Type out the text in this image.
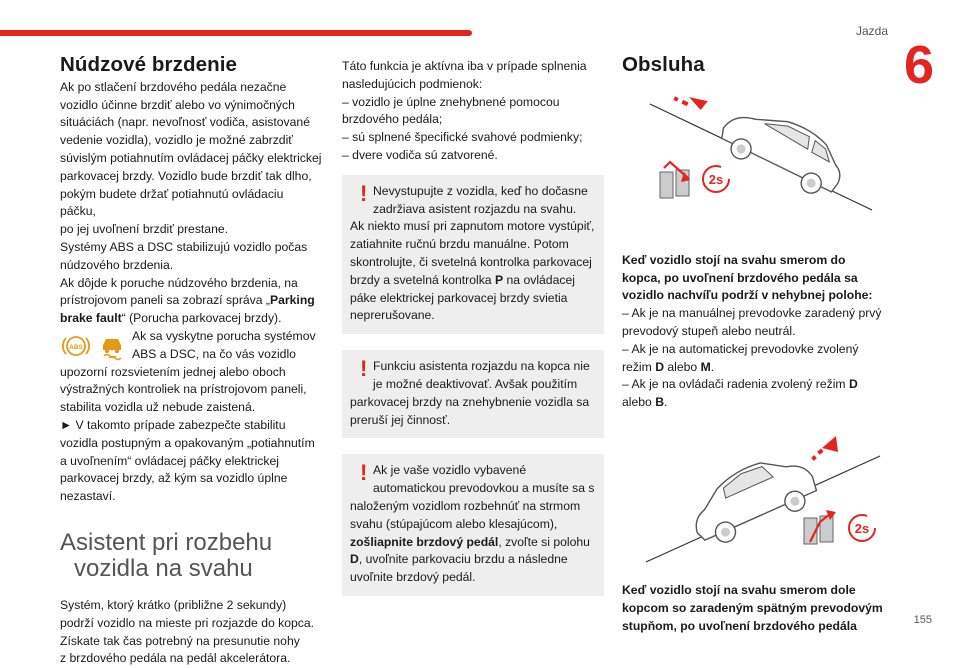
Jazda
6
155
Núdzové brzdenie

Ak po stlačení brzdového pedála nezačne
vozidlo účinne brzdiť alebo vo výnimočných
situáciách (napr. nevoľnosť vodiča, asistované
vedenie vozidla), vozidlo je možné zabrzdiť
súvislým potiahnutím ovládacej páčky elektrickej
parkovacej brzdy. Vozidlo bude brzdiť tak dlho,
pokým budete držať potiahnutú ovládaciu páčku,
po jej uvoľnení brzdiť prestane.
Systémy ABS a DSC stabilizujú vozidlo počas
núdzového brzdenia.
Ak dôjde k poruche núdzového brzdenia, na
prístrojovom paneli sa zobrazí správa „Parking brake fault“ (Porucha parkovacej brzdy).

ABS
Ak sa vyskytne porucha systémov
ABS a DSC, na čo vás vozidlo

upozorní rozsvietením jednej alebo oboch
výstražných kontroliek na prístrojovom paneli,
stabilita vozidla už nebude zaistená.

► V takomto prípade zabezpečte stabilitu
vozidla postupným a opakovaným „potiahnutím
a uvoľnením“ ovládacej páčky elektrickej
parkovacej brzdy, až kým sa vozidlo úplne
nezastaví.

Asistent pri rozbehu
vozidla na svahu

Systém, ktorý krátko (približne 2 sekundy)
podrží vozidlo na mieste pri rozjazde do kopca.
Získate tak čas potrebný na presunutie nohy
z brzdového pedála na pedál akcelerátora.

Táto funkcia je aktívna iba v prípade splnenia
nasledujúcich podmienok:
– vozidlo je úplne znehybnené pomocou
brzdového pedála;
– sú splnené špecifické svahové podmienky;
– dvere vodiča sú zatvorené.

! Nevystupujte z vozidla, keď ho dočasne
zadržiava asistent rozjazdu na svahu.
Ak niekto musí pri zapnutom motore vystúpiť,
zatiahnite ručnú brzdu manuálne. Potom
skontrolujte, či svetelná kontrolka parkovacej
brzdy a svetelná kontrolka P na ovládacej
páke elektrickej parkovacej brzdy svietia
neprerušovane.
! Funkciu asistenta rozjazdu na kopca nie
je možné deaktivovať. Avšak použitím
parkovacej brzdy na znehybnenie vozidla sa
preruší jej činnosť.
! Ak je vaše vozidlo vybavené
automatickou prevodovkou a musíte sa s
naloženým vozidlom rozbehnúť na strmom
svahu (stúpajúcom alebo klesajúcom),
zošliapnite brzdový pedál, zvoľte si polohu
D, uvoľnite parkovaciu brzdu a následne
uvoľnite brzdový pedál.
Obsluha
2s

Keď vozidlo stojí na svahu smerom do
kopca, po uvoľnení brzdového pedála sa
vozidlo nachvíľu podrží v nehybnej polohe:

– Ak je na manuálnej prevodovke zaradený prvý
prevodový stupeň alebo neutrál.
– Ak je na automatickej prevodovke zvolený
režim D alebo M.
– Ak je na ovládači radenia zvolený režim D
alebo B.

2s

Keď vozidlo stojí na svahu smerom dole
kopcom so zaradeným spätným prevodovým
stupňom, po uvoľnení brzdového pedála
